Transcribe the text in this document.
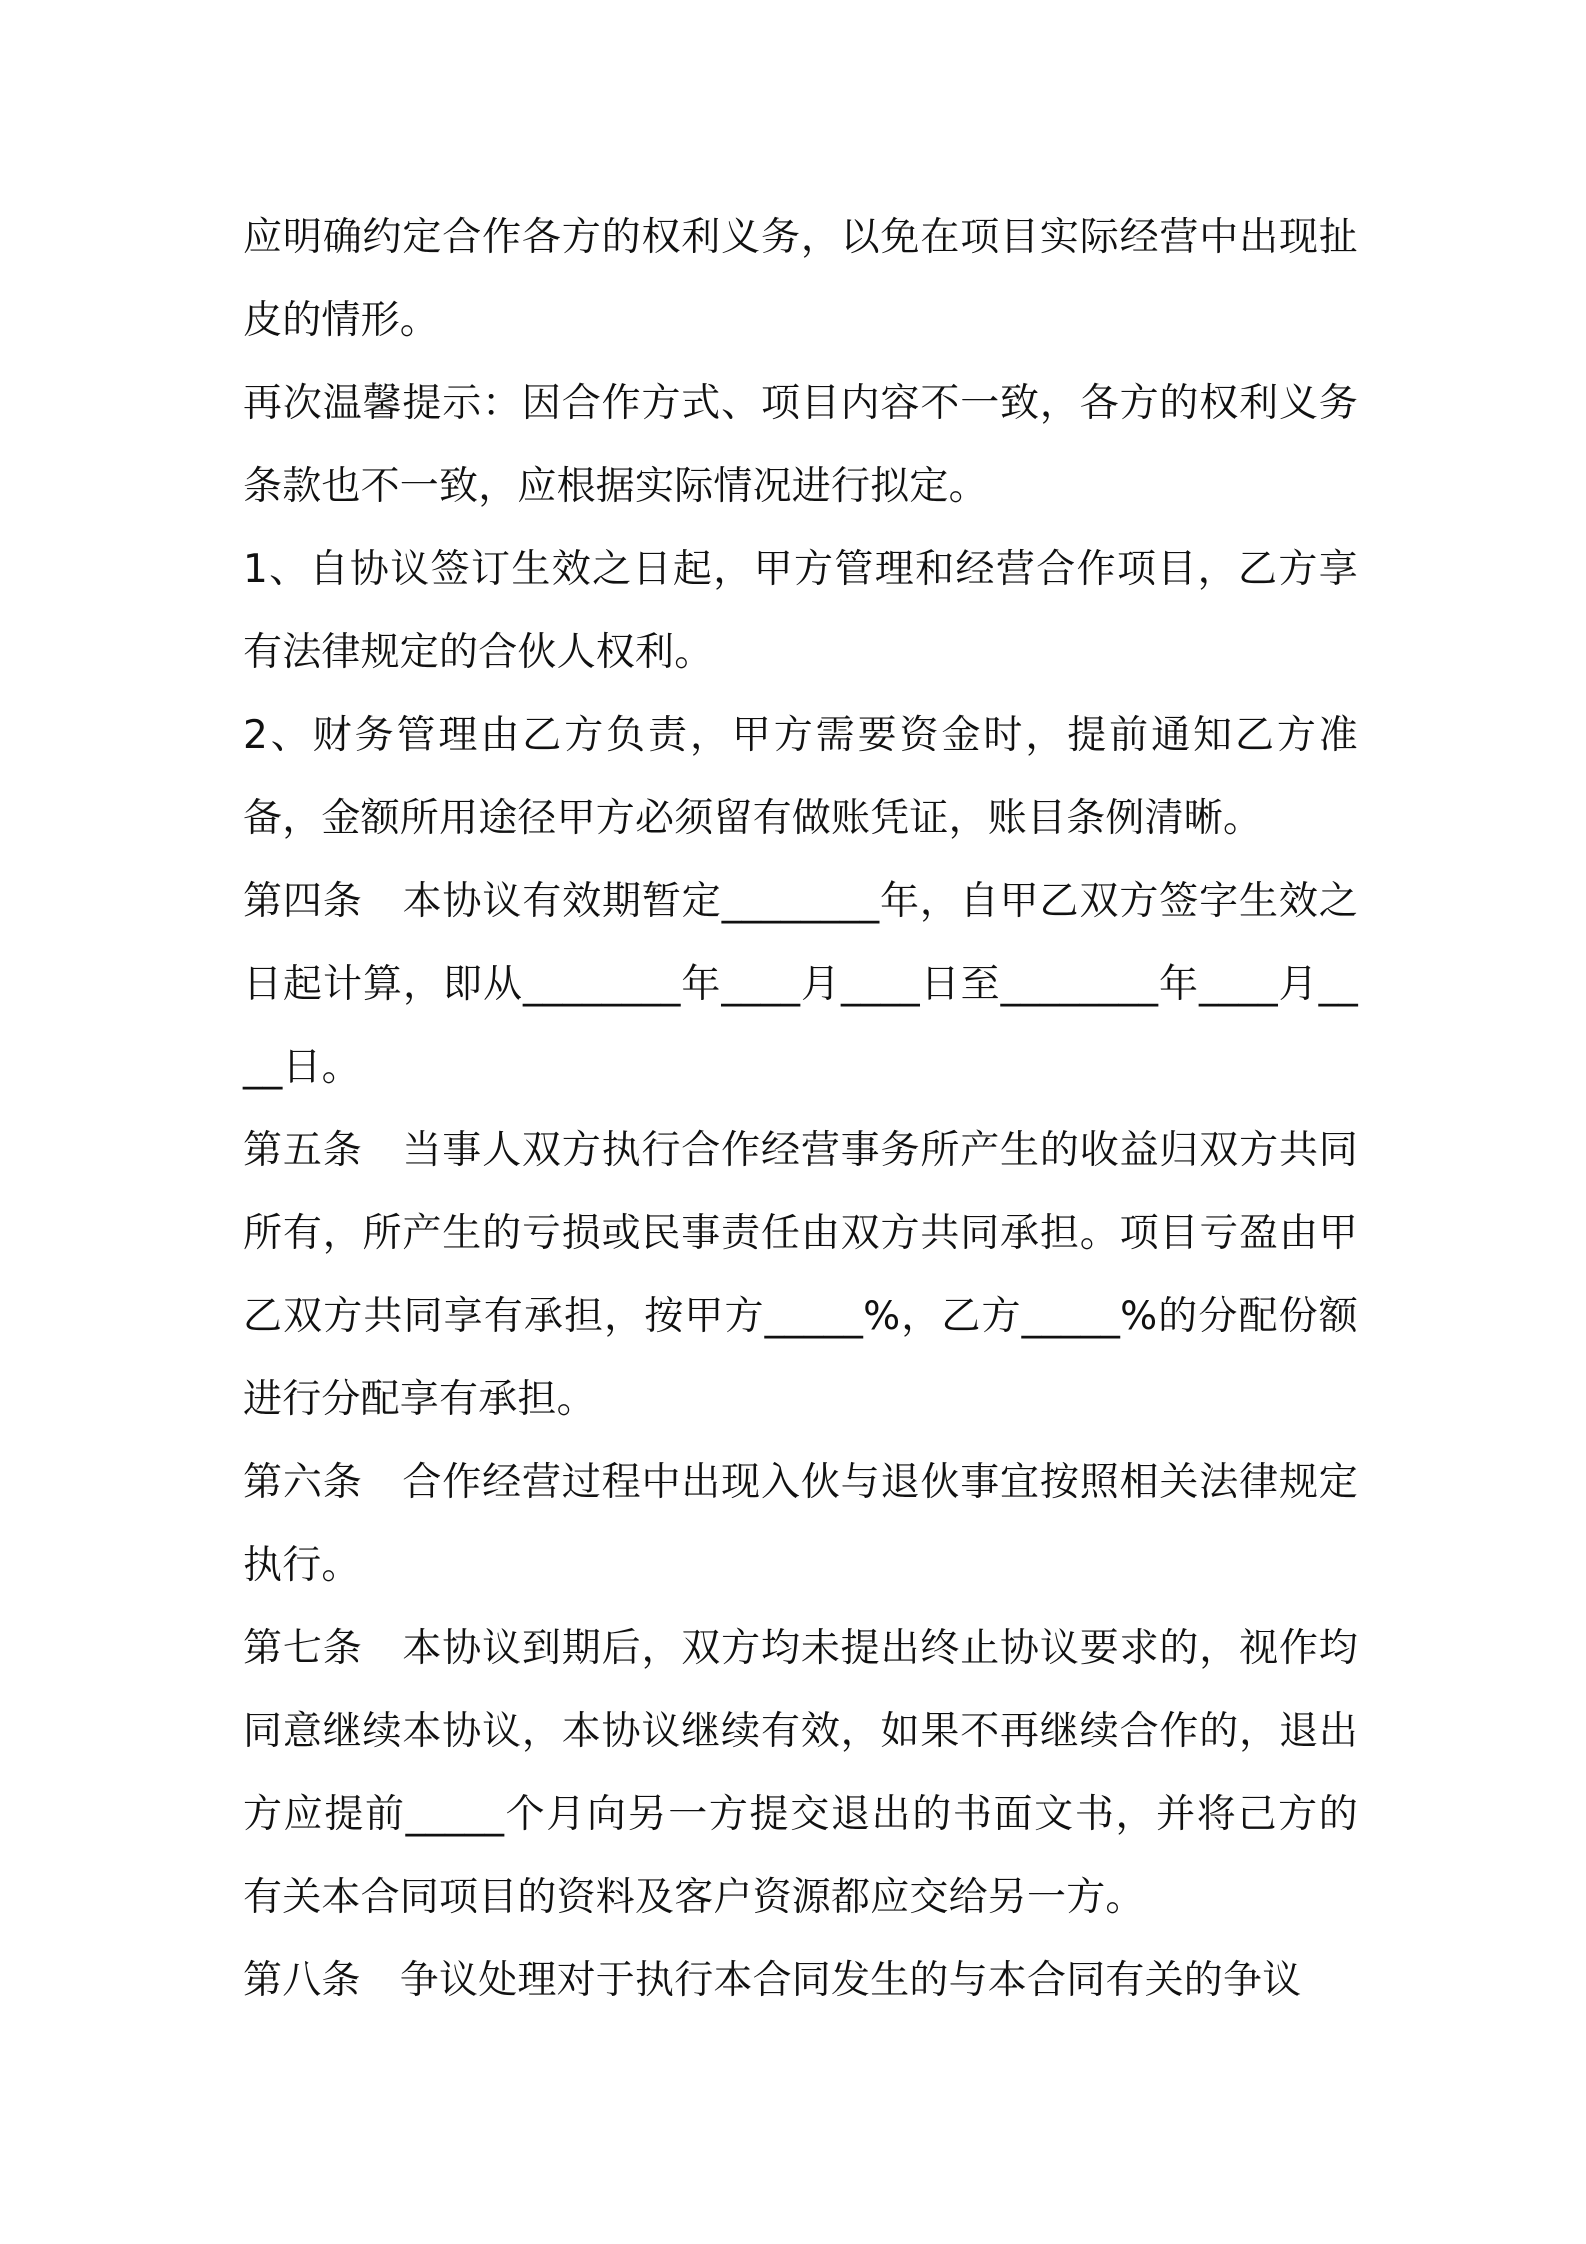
应明确约定合作各方的权利义务，以免在项目实际经营中出现扯皮的情形。

再次温馨提示：因合作方式、项目内容不一致，各方的权利义务条款也不一致，应根据实际情况进行拟定。

1、自协议签订生效之日起，甲方管理和经营合作项目，乙方享有法律规定的合伙人权利。

2、财务管理由乙方负责，甲方需要资金时，提前通知乙方准备，金额所用途径甲方必须留有做账凭证，账目条例清晰。

第四条　本协议有效期暂定________年，自甲乙双方签字生效之日起计算，即从________年____月____日至________年____月____日。

第五条　当事人双方执行合作经营事务所产生的收益归双方共同所有，所产生的亏损或民事责任由双方共同承担。项目亏盈由甲乙双方共同享有承担，按甲方_____%，乙方_____%的分配份额进行分配享有承担。

第六条　合作经营过程中出现入伙与退伙事宜按照相关法律规定执行。

第七条　本协议到期后，双方均未提出终止协议要求的，视作均同意继续本协议，本协议继续有效，如果不再继续合作的，退出方应提前_____个月向另一方提交退出的书面文书，并将己方的有关本合同项目的资料及客户资源都应交给另一方。

第八条　争议处理对于执行本合同发生的与本合同有关的争议
